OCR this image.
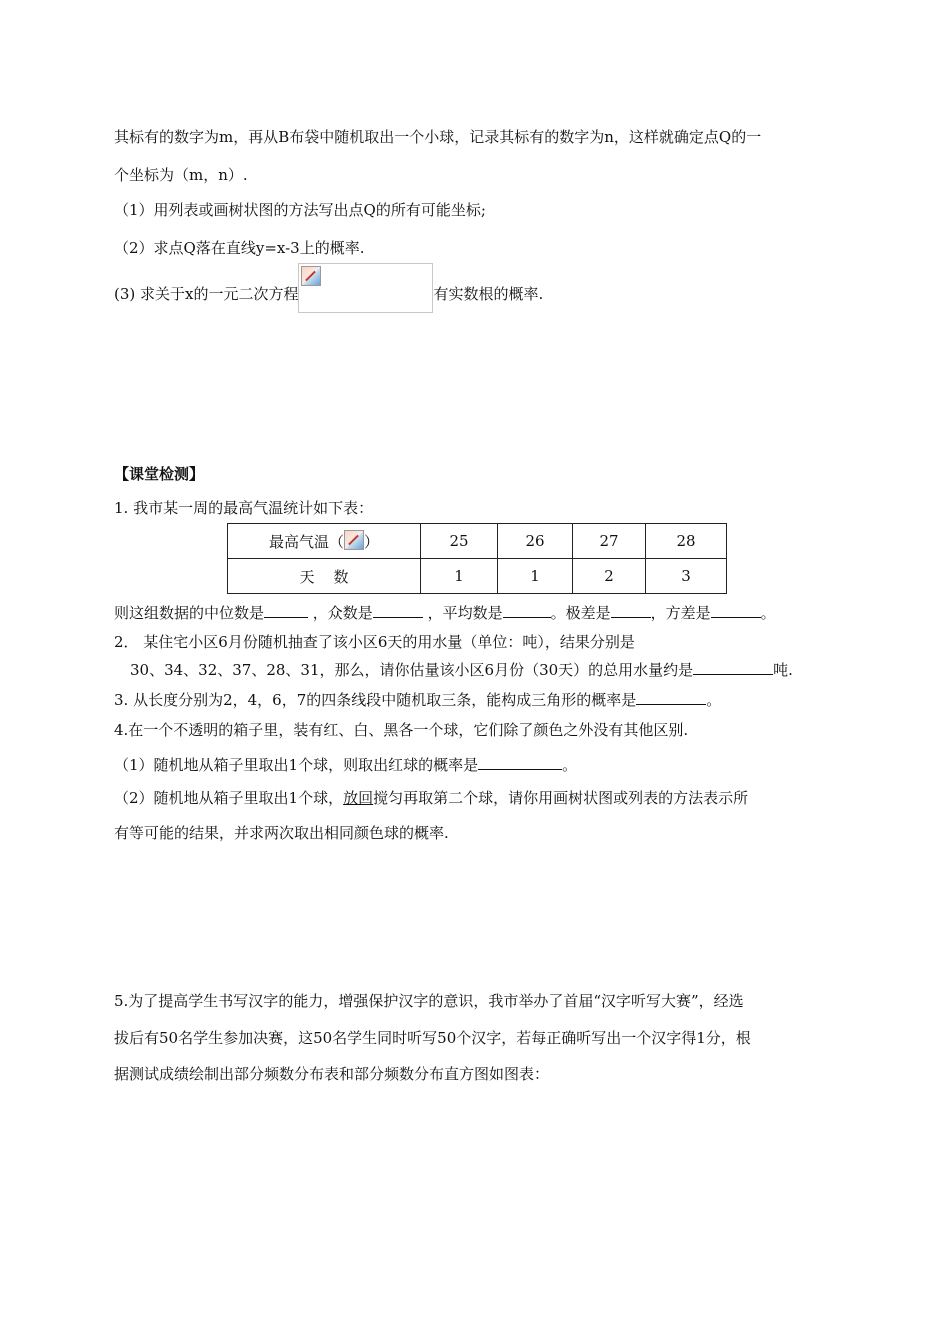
其标有的数字为m，再从B布袋中随机取出一个小球，记录其标有的数字为n，这样就确定点Q的一
个坐标为（m，n）.
（1）用列表或画树状图的方法写出点Q的所有可能坐标;
（2）求点Q落在直线y=x-3上的概率.
(3) 求关于x的一元二次方程	有实数根的概率.
【课堂检测】
1. 我市某一周的最高气温统计如下表：
最高气温（ ）	25	26	27	28
天    数	1	1	2	3
则这组数据的中位数是	，众数是	，平均数是	。极差是	，方差是	。
2． 某住宅小区6月份随机抽查了该小区6天的用水量（单位：吨），结果分别是
30、34、32、37、28、31，那么，请你估量该小区6月份（30天）的总用水量约是	吨.
3. 从长度分别为2，4，6，7的四条线段中随机取三条，能构成三角形的概率是	。
4.在一个不透明的箱子里，装有红、白、黑各一个球，它们除了颜色之外没有其他区别.
（1）随机地从箱子里取出1个球，则取出红球的概率是	。
（2）随机地从箱子里取出1个球，放回搅匀再取第二个球，请你用画树状图或列表的方法表示所
有等可能的结果，并求两次取出相同颜色球的概率.
5.为了提高学生书写汉字的能力，增强保护汉字的意识，我市举办了首届“汉字听写大赛”，经选
拔后有50名学生参加决赛，这50名学生同时听写50个汉字，若每正确听写出一个汉字得1分，根
据测试成绩绘制出部分频数分布表和部分频数分布直方图如图表：
